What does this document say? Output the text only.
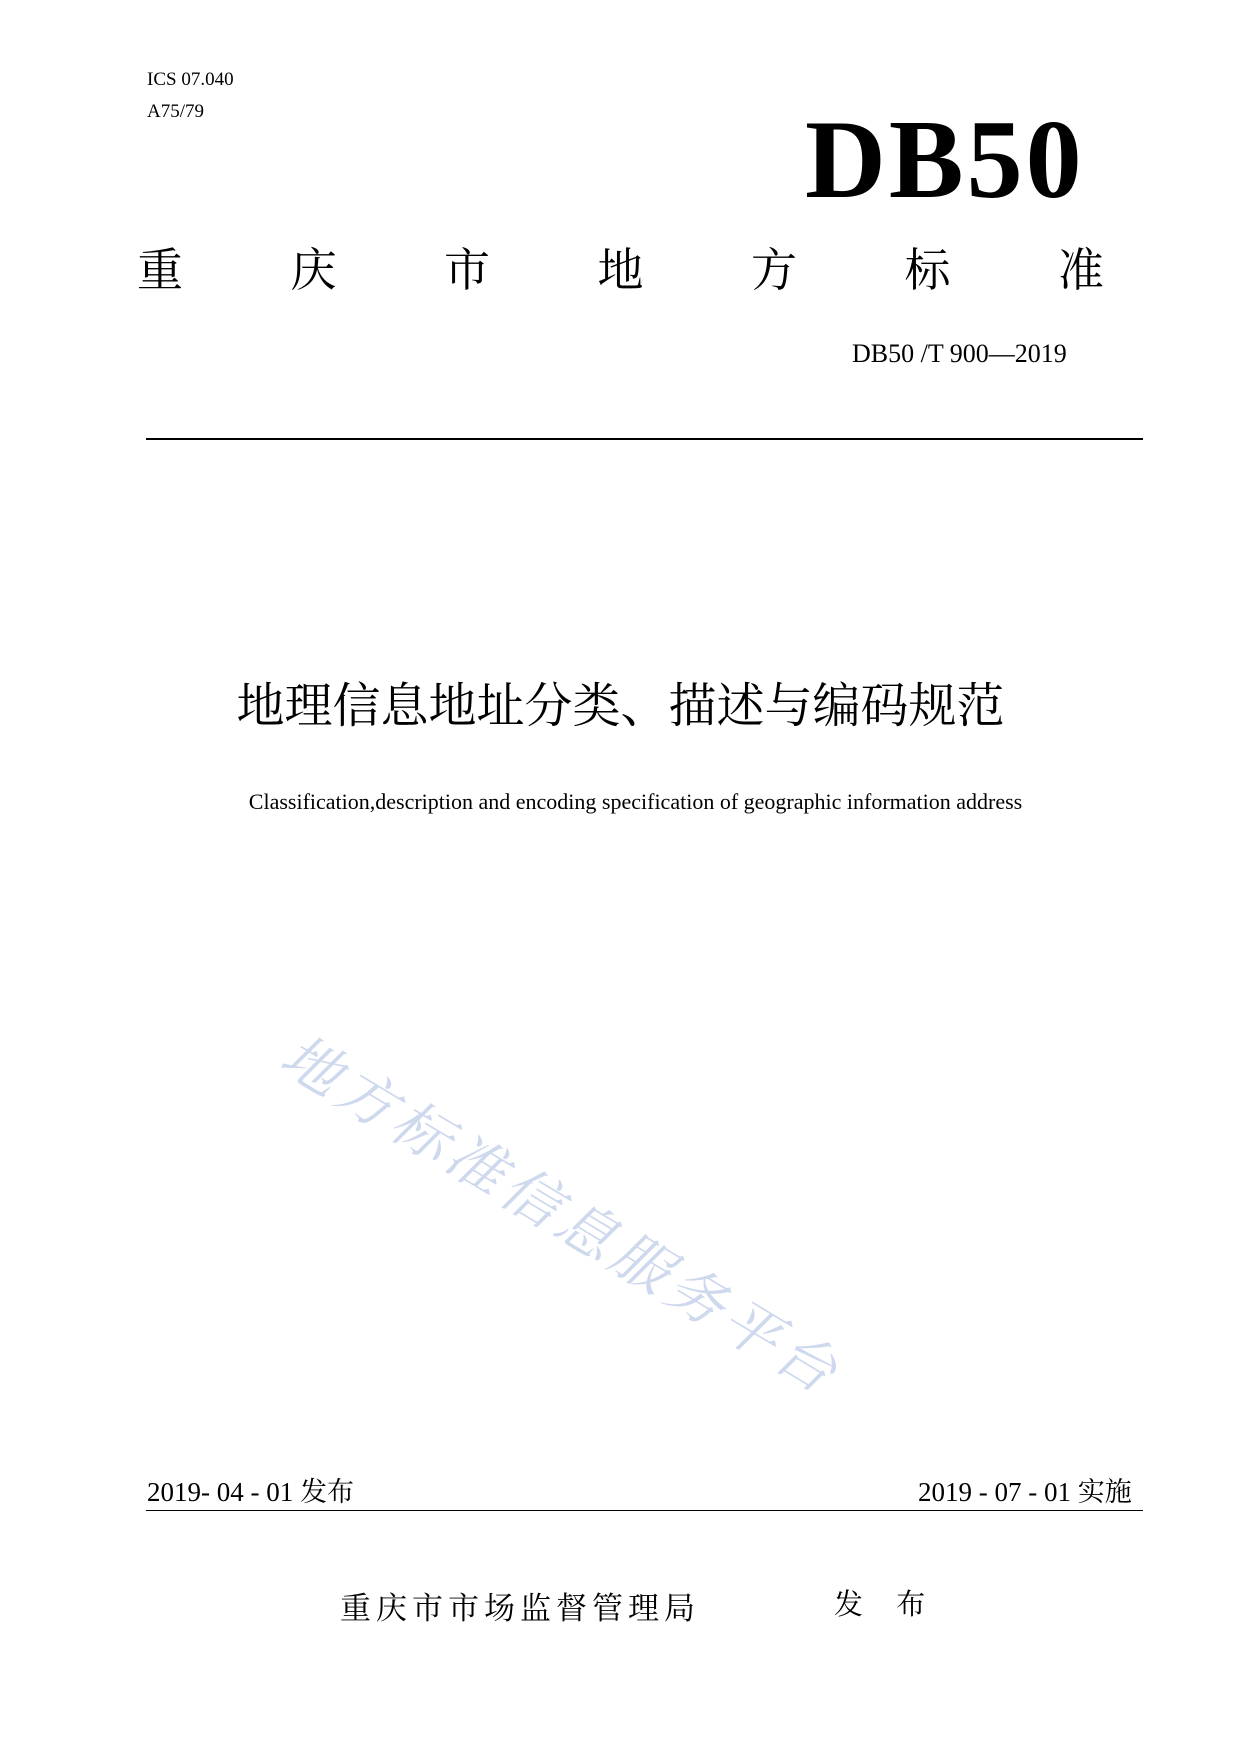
ICS 07.040
A75/79	DB50
重 庆 市 地 方 标 准
DB50 /T 900—2019
地理信息地址分类、描述与编码规范
Classification,description and encoding specification of geographic information address
地方标准信息服务平台
2019- 04 - 01 发布	2019 - 07 - 01 实施
重庆市市场监督管理局	发 布
